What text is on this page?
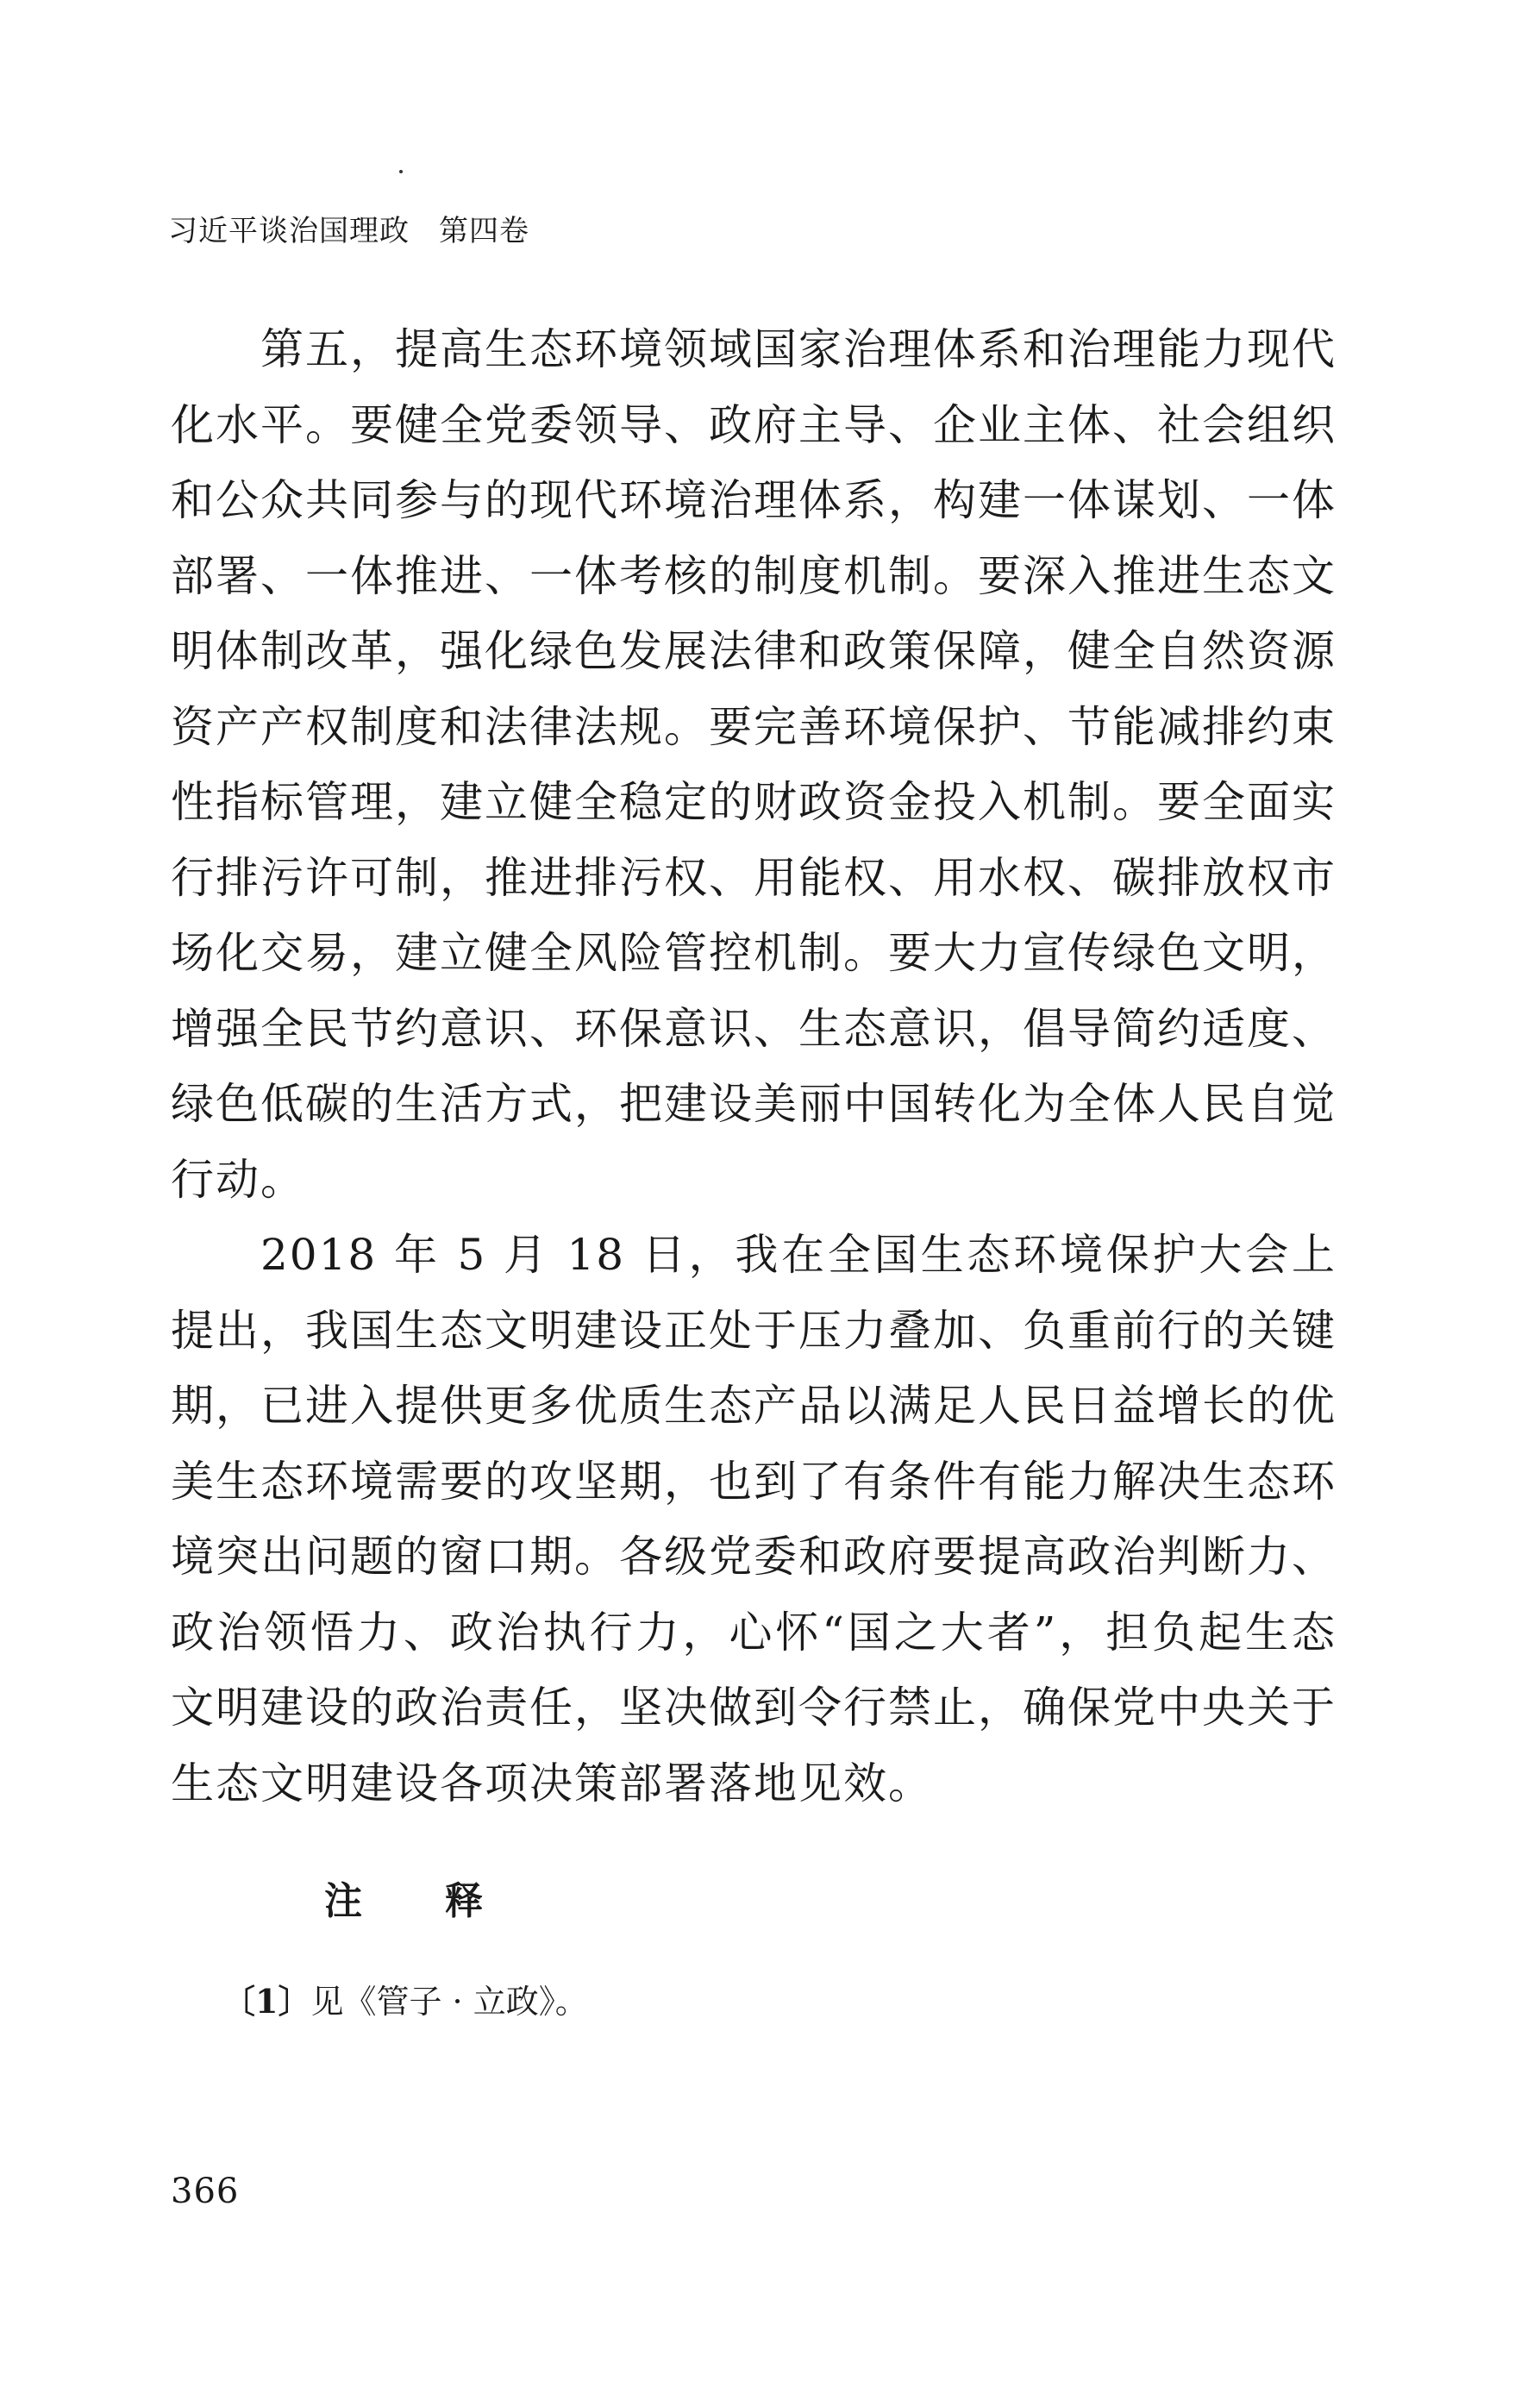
习近平谈治国理政 第四卷

第五，提高生态环境领域国家治理体系和治理能力现代化水平。要健全党委领导、政府主导、企业主体、社会组织和公众共同参与的现代环境治理体系，构建一体谋划、一体部署、一体推进、一体考核的制度机制。要深入推进生态文明体制改革，强化绿色发展法律和政策保障，健全自然资源资产产权制度和法律法规。要完善环境保护、节能减排约束性指标管理，建立健全稳定的财政资金投入机制。要全面实行排污许可制，推进排污权、用能权、用水权、碳排放权市场化交易，建立健全风险管控机制。要大力宣传绿色文明，增强全民节约意识、环保意识、生态意识，倡导简约适度、绿色低碳的生活方式，把建设美丽中国转化为全体人民自觉行动。

2018 年 5 月 18 日，我在全国生态环境保护大会上提出，我国生态文明建设正处于压力叠加、负重前行的关键期，已进入提供更多优质生态产品以满足人民日益增长的优美生态环境需要的攻坚期，也到了有条件有能力解决生态环境突出问题的窗口期。各级党委和政府要提高政治判断力、政治领悟力、政治执行力，心怀“国之大者”，担负起生态文明建设的政治责任，坚决做到令行禁止，确保党中央关于生态文明建设各项决策部署落地见效。

注释
〔1〕见《管子 · 立政》。
366
